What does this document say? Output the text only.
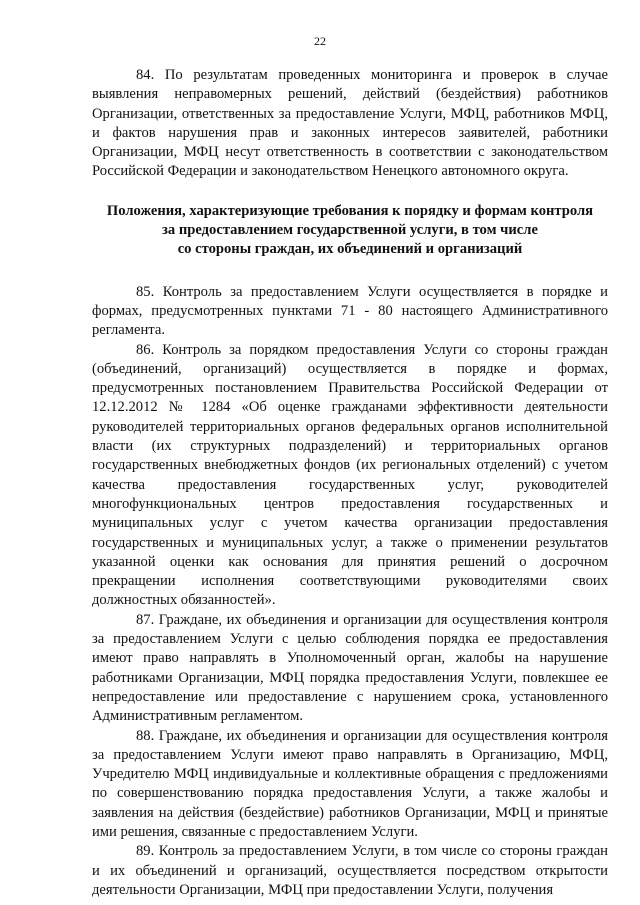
22

84. По результатам проведенных мониторинга и проверок в случае выявления неправомерных решений, действий (бездействия) работников Организации, ответственных за предоставление Услуги, МФЦ, работников МФЦ, и фактов нарушения прав и законных интересов заявителей, работники Организации, МФЦ несут ответственность в соответствии с законодательством Российской Федерации и законодательством Ненецкого автономного округа.

Положения, характеризующие требования к порядку и формам контроля
за предоставлением государственной услуги, в том числе
со стороны граждан, их объединений и организаций

85. Контроль за предоставлением Услуги осуществляется в порядке и формах, предусмотренных пунктами 71 - 80 настоящего Административного регламента.

86. Контроль за порядком предоставления Услуги со стороны граждан (объединений, организаций) осуществляется в порядке и формах, предусмотренных постановлением Правительства Российской Федерации от 12.12.2012 № 1284 «Об оценке гражданами эффективности деятельности руководителей территориальных органов федеральных органов исполнительной власти (их структурных подразделений) и территориальных органов государственных внебюджетных фондов (их региональных отделений) с учетом качества предоставления государственных услуг, руководителей многофункциональных центров предоставления государственных и муниципальных услуг с учетом качества организации предоставления государственных и муниципальных услуг, а также о применении результатов указанной оценки как основания для принятия решений о досрочном прекращении исполнения соответствующими руководителями своих должностных обязанностей».

87. Граждане, их объединения и организации для осуществления контроля за предоставлением Услуги с целью соблюдения порядка ее предоставления имеют право направлять в Уполномоченный орган, жалобы на нарушение работниками Организации, МФЦ порядка предоставления Услуги, повлекшее ее непредоставление или предоставление с нарушением срока, установленного Административным регламентом.

88. Граждане, их объединения и организации для осуществления контроля за предоставлением Услуги имеют право направлять в Организацию, МФЦ, Учредителю МФЦ индивидуальные и коллективные обращения с предложениями по совершенствованию порядка предоставления Услуги, а также жалобы и заявления на действия (бездействие) работников Организации, МФЦ и принятые ими решения, связанные с предоставлением Услуги.

89. Контроль за предоставлением Услуги, в том числе со стороны граждан и их объединений и организаций, осуществляется посредством открытости деятельности Организации, МФЦ при предоставлении Услуги, получения
